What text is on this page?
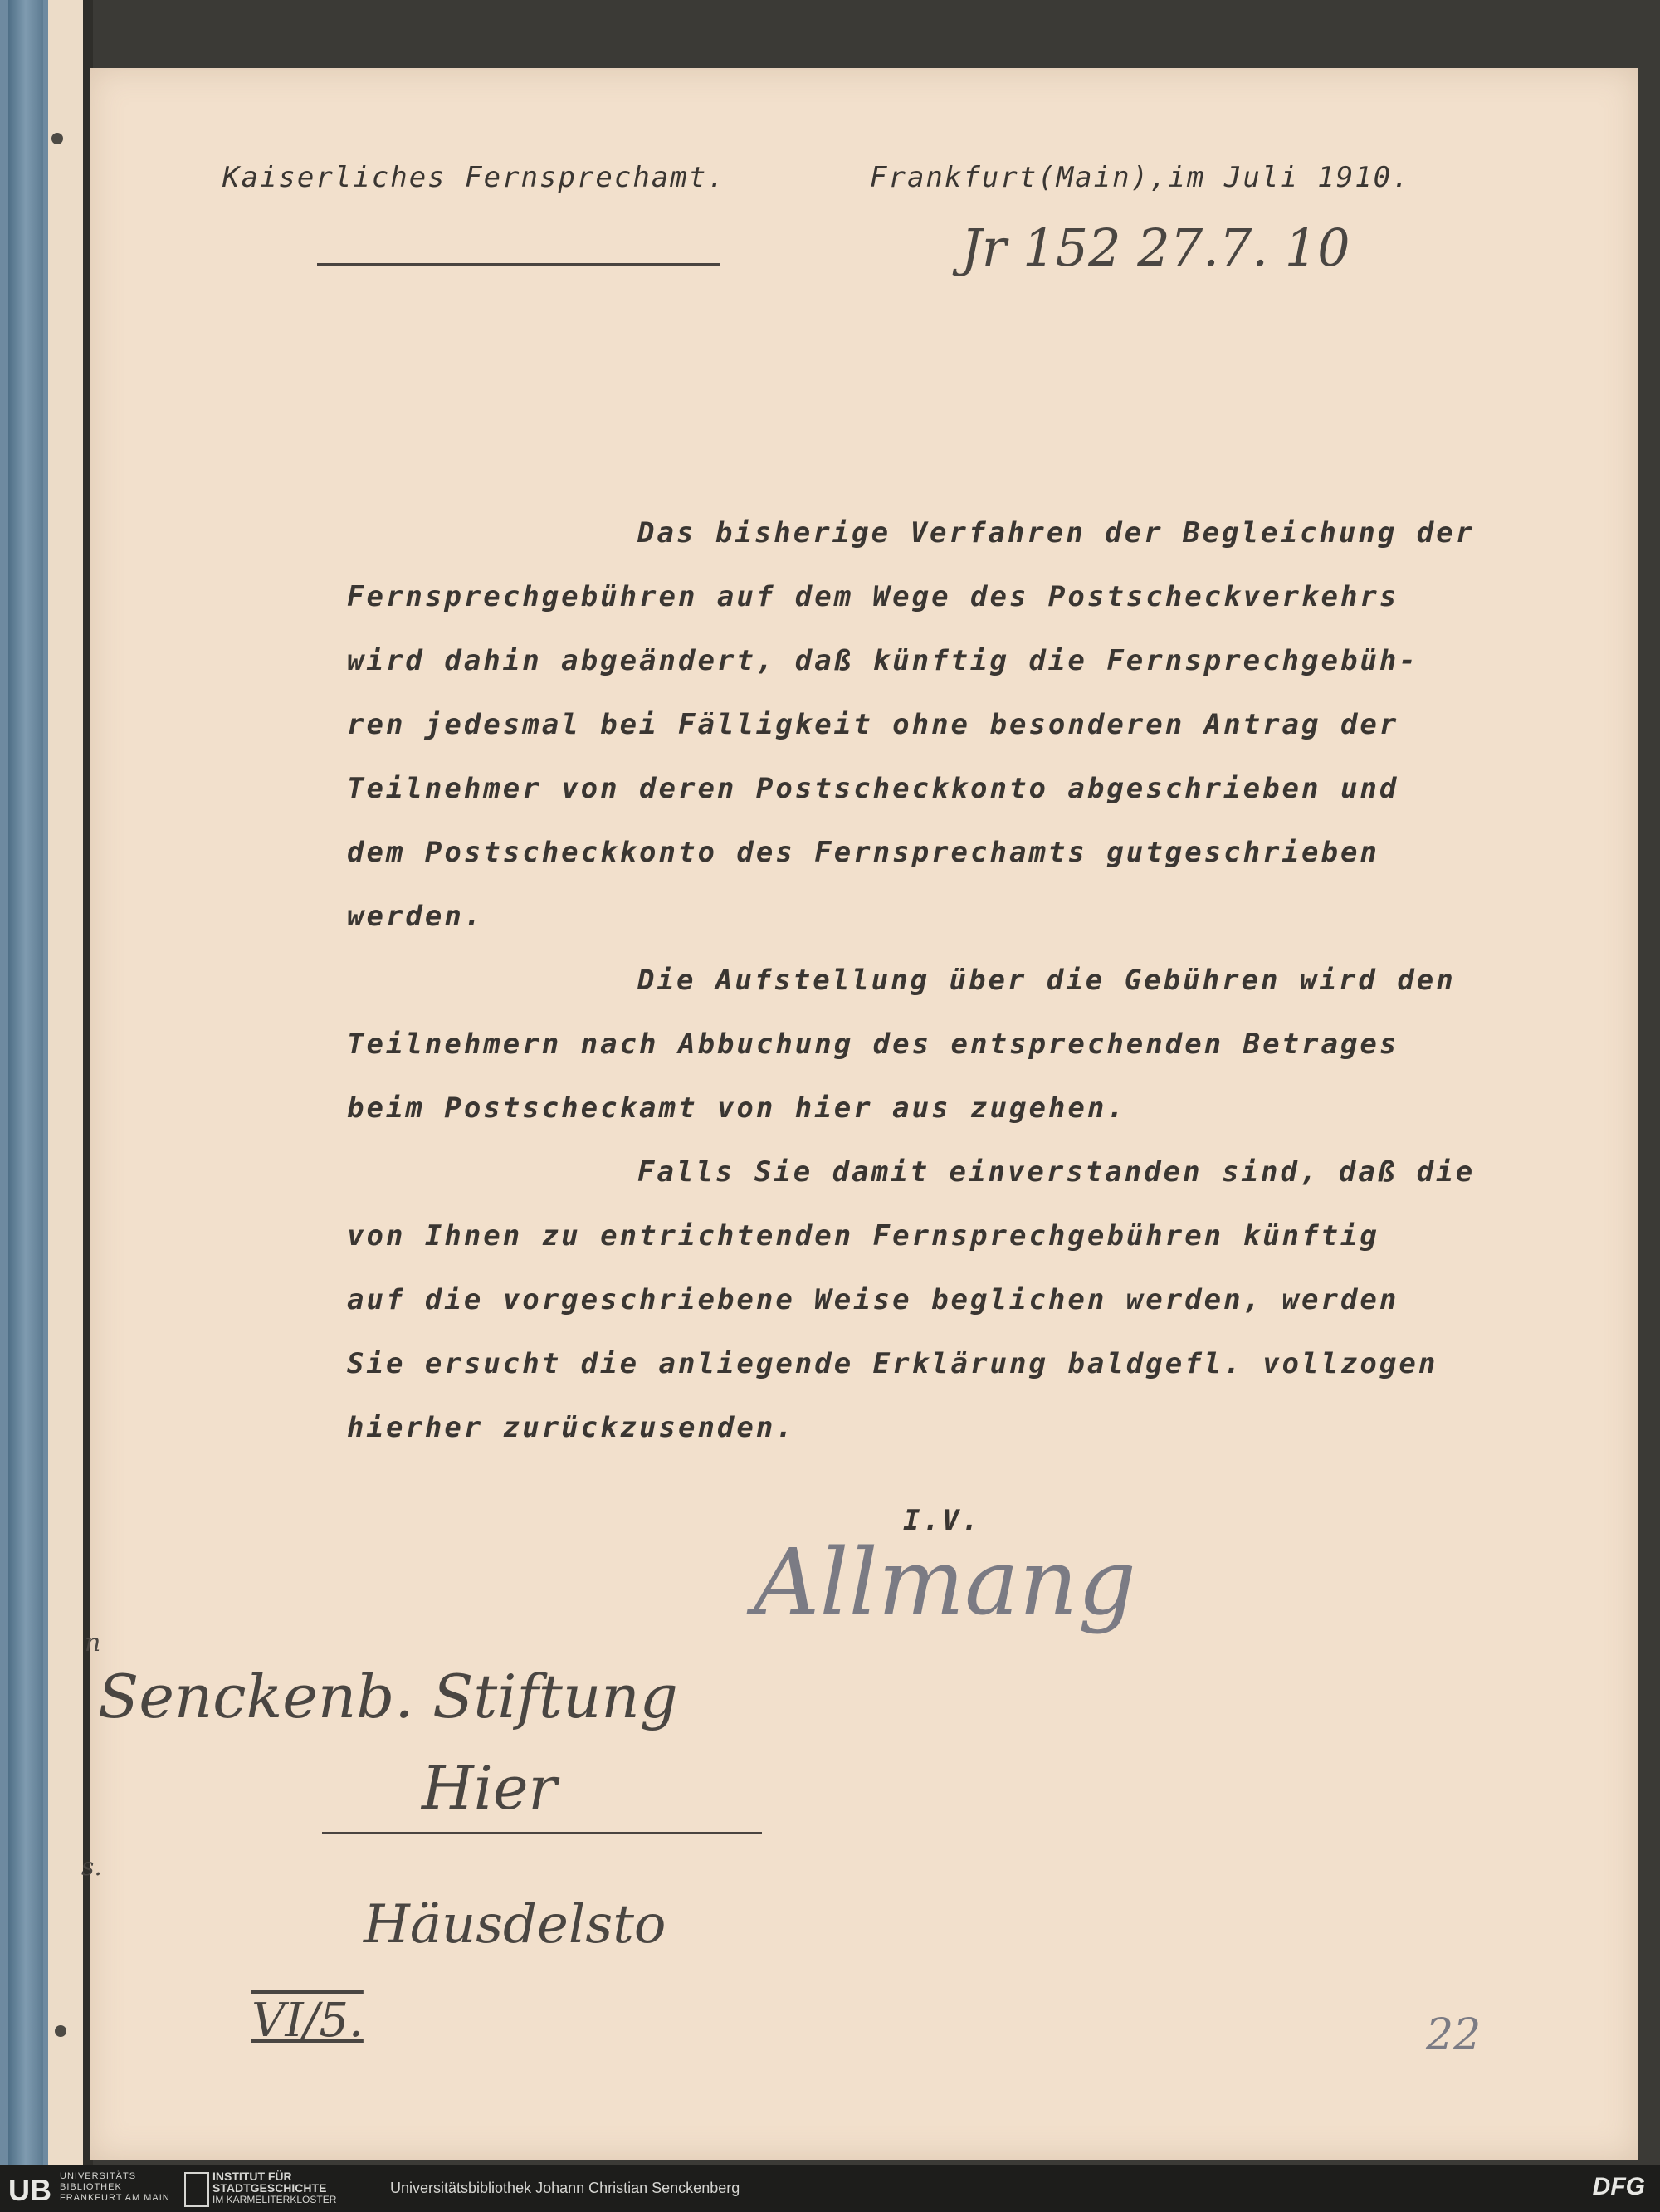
Kaiserliches Fernsprechamt.	Frankfurt(Main),im Juli 1910.
Jr 152 27.7. 10
Das bisherige Verfahren der Begleichung der
Fernsprechgebühren auf dem Wege des Postscheckverkehrs
wird dahin abgeändert, daß künftig die Fernsprechgebüh-
ren jedesmal bei Fälligkeit ohne besonderen Antrag der
Teilnehmer von deren Postscheckkonto abgeschrieben und
dem Postscheckkonto des Fernsprechamts gutgeschrieben
werden.
Die Aufstellung über die Gebühren wird den
Teilnehmern nach Abbuchung des entsprechenden Betrages
beim Postscheckamt von hier aus zugehen.
Falls Sie damit einverstanden sind, daß die
von Ihnen zu entrichtenden Fernsprechgebühren künftig
auf die vorgeschriebene Weise beglichen werden, werden
Sie ersucht die anliegende Erklärung baldgefl. vollzogen
hierher zurückzusenden.
I.V.
Allmang
n
s.
Senckenb. Stiftung
Hier
Häusdelsto
VI/5.	22
UB UNIVERSITÄTS
BIBLIOTHEK
FRANKFURT AM MAIN
INSTITUT FÜR
STADTGESCHICHTE
IM KARMELITERKLOSTER
Universitätsbibliothek Johann Christian Senckenberg	DFG
